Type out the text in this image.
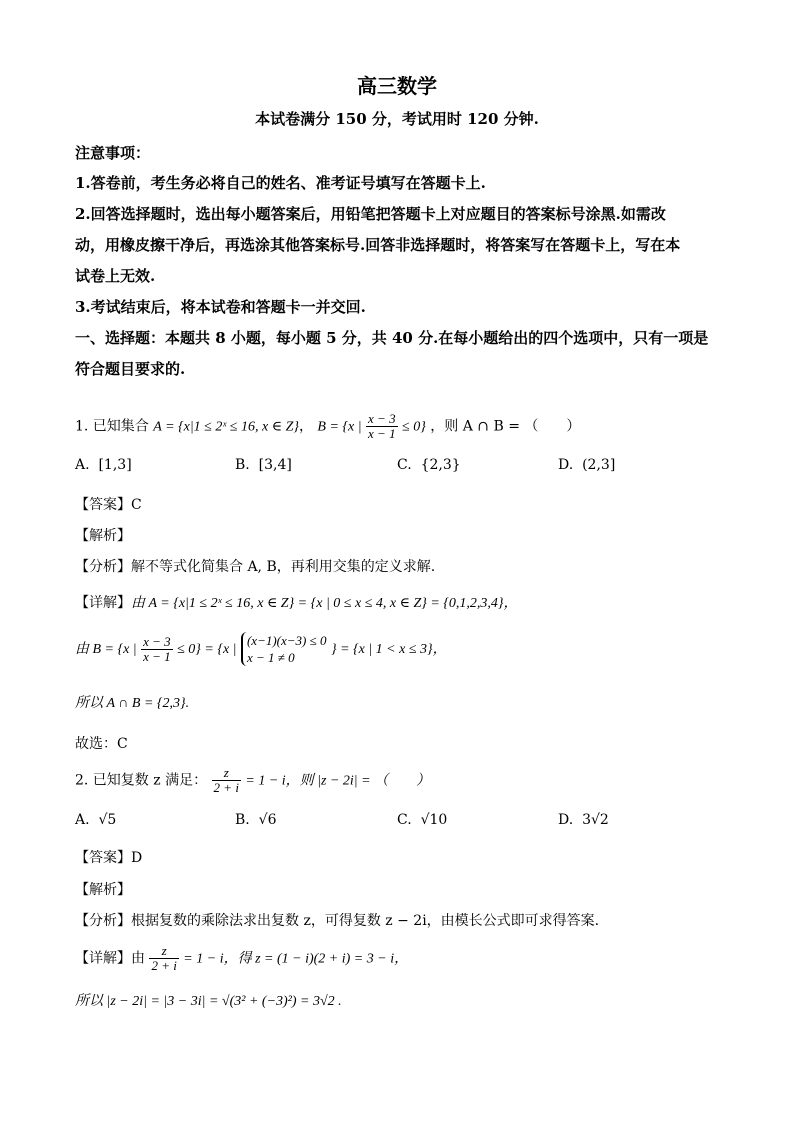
高三数学
本试卷满分 150 分，考试用时 120 分钟.
注意事项：
1.答卷前，考生务必将自己的姓名、准考证号填写在答题卡上.
2.回答选择题时，选出每小题答案后，用铅笔把答题卡上对应题目的答案标号涂黑.如需改
动，用橡皮擦干净后，再选涂其他答案标号.回答非选择题时，将答案写在答题卡上，写在本
试卷上无效.
3.考试结束后，将本试卷和答题卡一并交回.
一、选择题：本题共 8 小题，每小题 5 分，共 40 分.在每小题给出的四个选项中，只有一项是
符合题目要求的.
1. 已知集合 A = {x|1 ≤ 2ˣ ≤ 16, x ∈ Z}， B = {x | $\frac{x - 3}{x - 1} \le 0$} ，则 A ∩ B = （　　）
A. [1,3]	B. [3,4]	C. {2,3}	D. (2,3]
【答案】C
【解析】
【分析】解不等式化简集合 A, B，再利用交集的定义求解.
【详解】由 A = {x|1 ≤ 2ˣ ≤ 16, x ∈ Z} = {x | 0 ≤ x ≤ 4, x ∈ Z} = {0,1,2,3,4}，
由 B = {x | $\frac{x - 3}{x - 1} \le 0\} = \{x$ |
(x−1)(x−3) ≤ 0
x − 1 ≠ 0
} = {x | 1 < x ≤ 3}，
所以 A ∩ B = {2,3}.
故选：C
2. 已知复数 z 满足： $\frac{z}{2 + i} = 1 - i$，则 |z − 2i| = （　　）
A. √5	B. √6	C. √10	D. 3√2
【答案】D
【解析】
【分析】根据复数的乘除法求出复数 z，可得复数 z − 2i，由模长公式即可求得答案.
【详解】由 $\frac{z}{2 + i} = 1 - i$，得 z = (1 − i)(2 + i) = 3 − i，
所以 |z − 2i| = |3 − 3i| = √(3² + (−3)²) = 3√2 .
